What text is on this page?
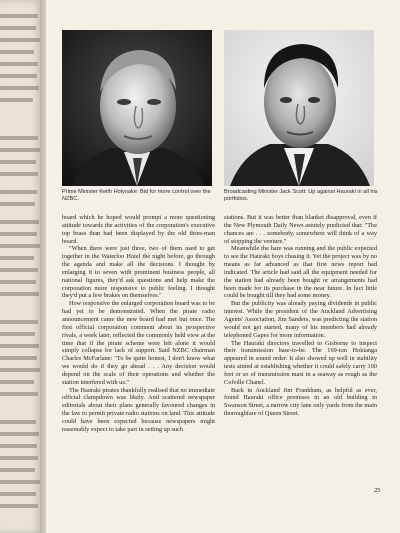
Prime Minister Keith Holyoake: Bid for more control over the NZBC.
Broadcasting Minister Jack Scott: Up against Hauraki in all his portfolios.

board which he hoped would prompt a more questioning attitude towards the activities of the corporation's executive top brass than had been displayed by the old three-man board.

"When there were just three, two of them used to get together in the Waterloo Hotel the night before, go through the agenda and make all the decisions. I thought by enlarging it to seven with prominent business people, all national figures, they'd ask questions and help make the corporation more responsive to public feeling. I thought they'd put a few brakes on themselves."

How responsive the enlarged corporation board was to be had yet to be demonstrated. When the pirate radio announcement came the new board had met but once. The first official corporation comment about its prospective rivals, a week later, reflected the commonly held view at the time that if the pirate scheme were left alone it would simply collapse for lack of support. Said NZBC chairman Charles McFarlane: "To be quite honest, I don't know what we would do if they go ahead . . . Any decision would depend on the scale of their operations and whether the station interfered with us."

The Hauraki pirates thankfully realised that no immediate official clampdown was likely. And scattered newspaper editorials about their plans generally favoured changes in the law to permit private radio stations on land. This attitude could have been expected because newspapers might reasonably expect to take part in setting up such

stations. But it was better than blanket disapproval, even if the New Plymouth Daily News astutely predicted that: "The chances are . . . somebody, somewhere will think of a way of stopping the venture."

Meanwhile the hare was running and the public expected to see the Hauraki boys chasing it. Yet the project was by no means as far advanced as that first news report had indicated. The article had said all the equipment needed for the station had already been bought or arrangements had been made for its purchase in the near future. In fact little could be bought till they had some money.

But the publicity was already paying dividends in public interest. While the president of the Auckland Advertising Agents' Association, Jim Sanders, was predicting the station would not get started, many of his members had already telephoned Gapes for more information.

The Hauraki directors travelled to Gisborne to inspect their transmission base-to-be. The 169-ton Hokianga appeared in sound order. It also showed up well in stability tests aimed at establishing whether it could safely carry 100 feet or so of transmission mast in a seaway as rough as the Colville Chanel.

Back in Auckland Jim Frankham, as helpful as ever, found Hauraki office premises in an old building in Swanson Street, a narrow city lane only yards from the main thoroughfare of Queen Street.

25
